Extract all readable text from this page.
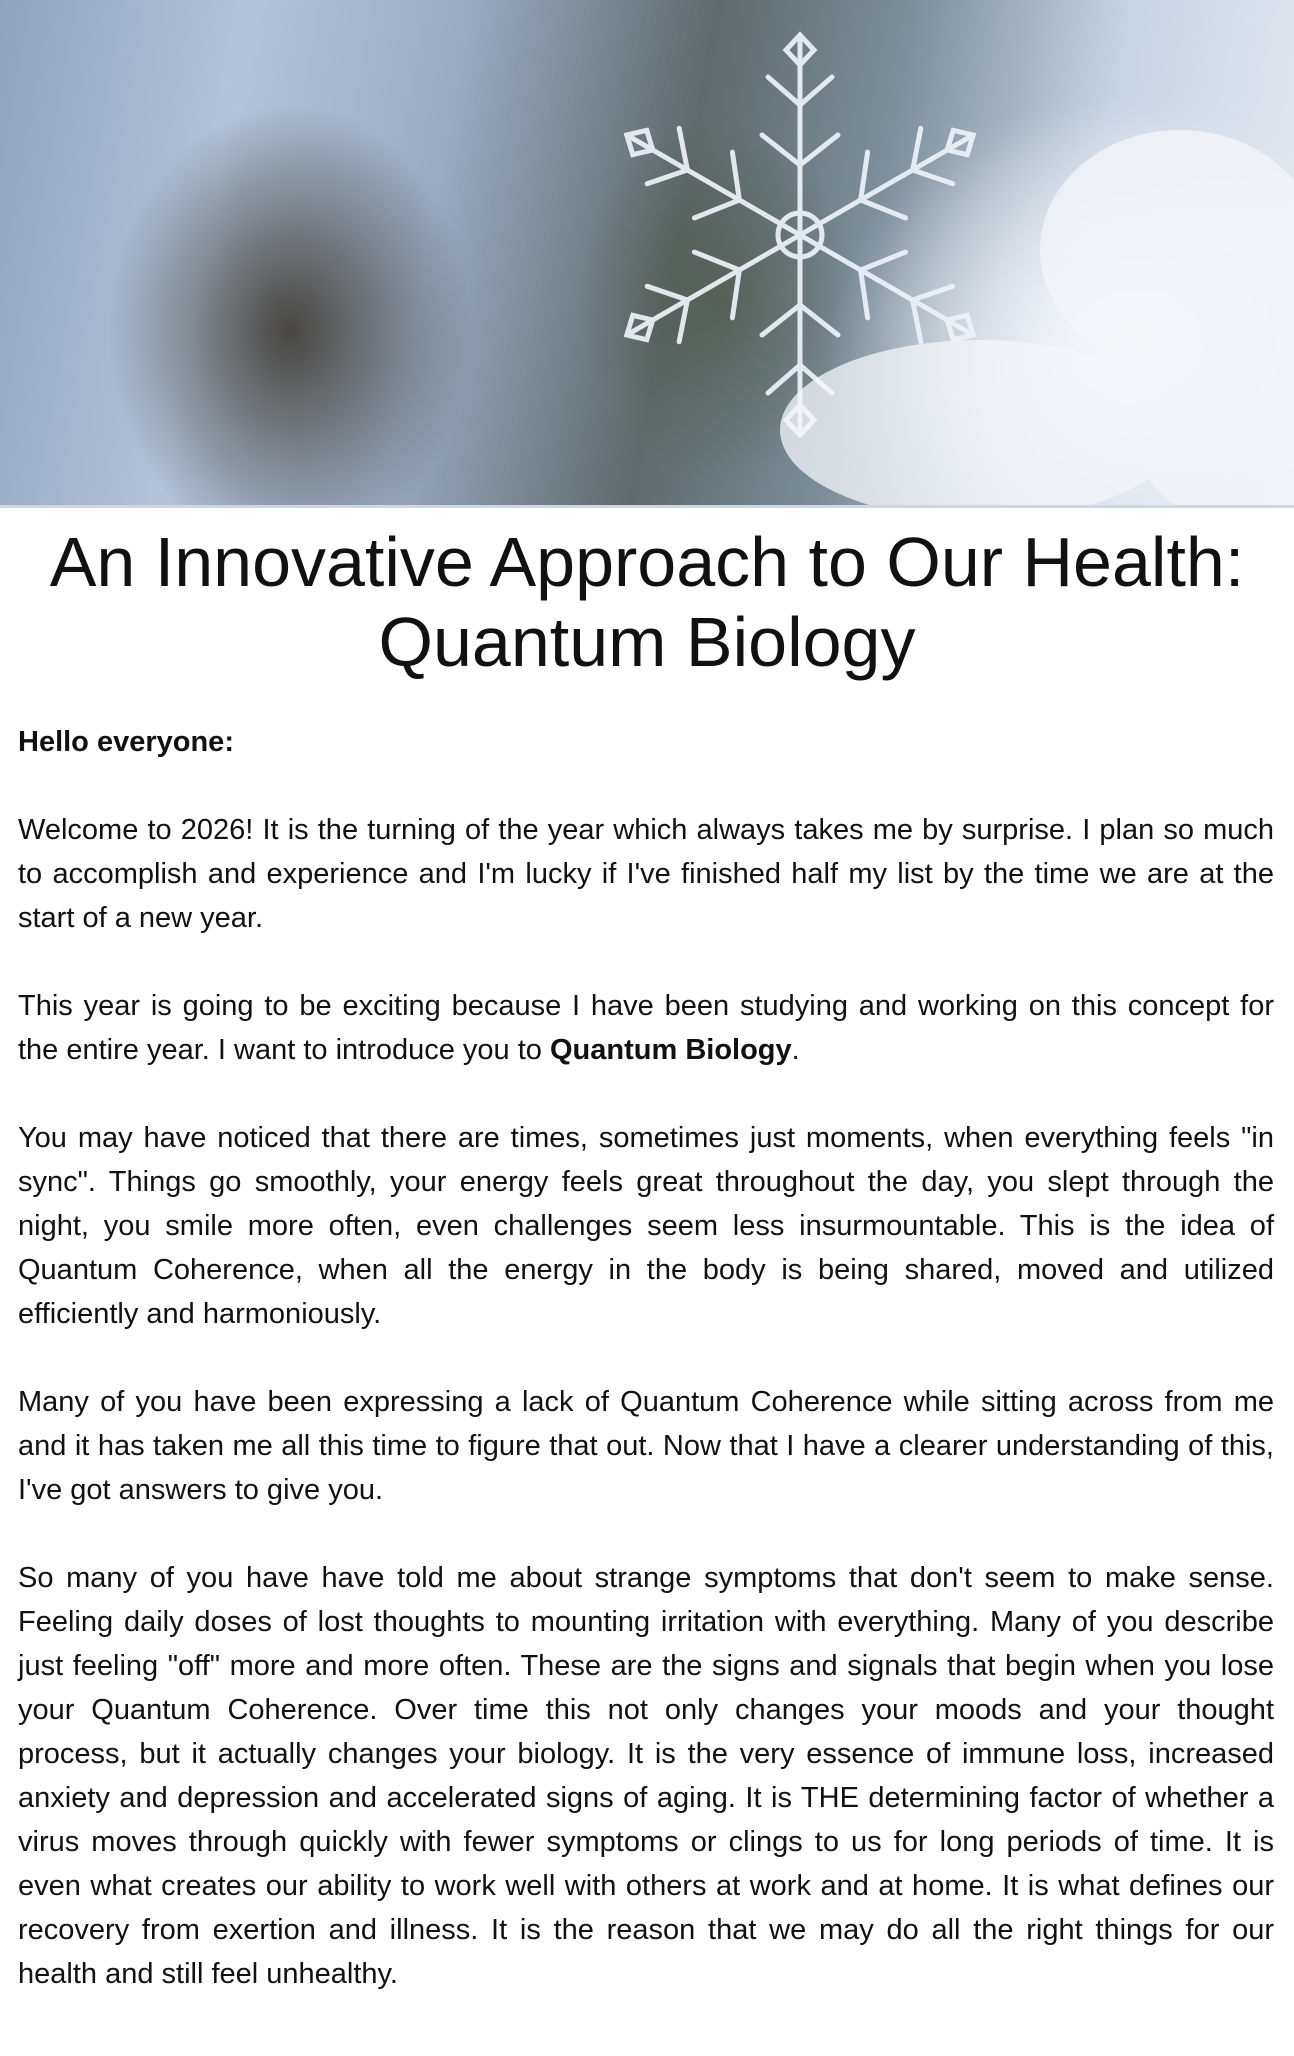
An Innovative Approach to Our Health:
Quantum Biology

Hello everyone:

Welcome to 2026! It is the turning of the year which always takes me by surprise. I plan so much to accomplish and experience and I'm lucky if I've finished half my list by the time we are at the start of a new year.

This year is going to be exciting because I have been studying and working on this concept for the entire year. I want to introduce you to Quantum Biology.

You may have noticed that there are times, sometimes just moments, when everything feels "in sync". Things go smoothly, your energy feels great throughout the day, you slept through the night, you smile more often, even challenges seem less insurmountable. This is the idea of Quantum Coherence, when all the energy in the body is being shared, moved and utilized efficiently and harmoniously.

Many of you have been expressing a lack of Quantum Coherence while sitting across from me and it has taken me all this time to figure that out. Now that I have a clearer understanding of this, I've got answers to give you.

So many of you have have told me about strange symptoms that don't seem to make sense. Feeling daily doses of lost thoughts to mounting irritation with everything. Many of you describe just feeling "off" more and more often. These are the signs and signals that begin when you lose your Quantum Coherence. Over time this not only changes your moods and your thought process, but it actually changes your biology. It is the very essence of immune loss, increased anxiety and depression and accelerated signs of aging. It is THE determining factor of whether a virus moves through quickly with fewer symptoms or clings to us for long periods of time. It is even what creates our ability to work well with others at work and at home. It is what defines our recovery from exertion and illness. It is the reason that we may do all the right things for our health and still feel unhealthy.
